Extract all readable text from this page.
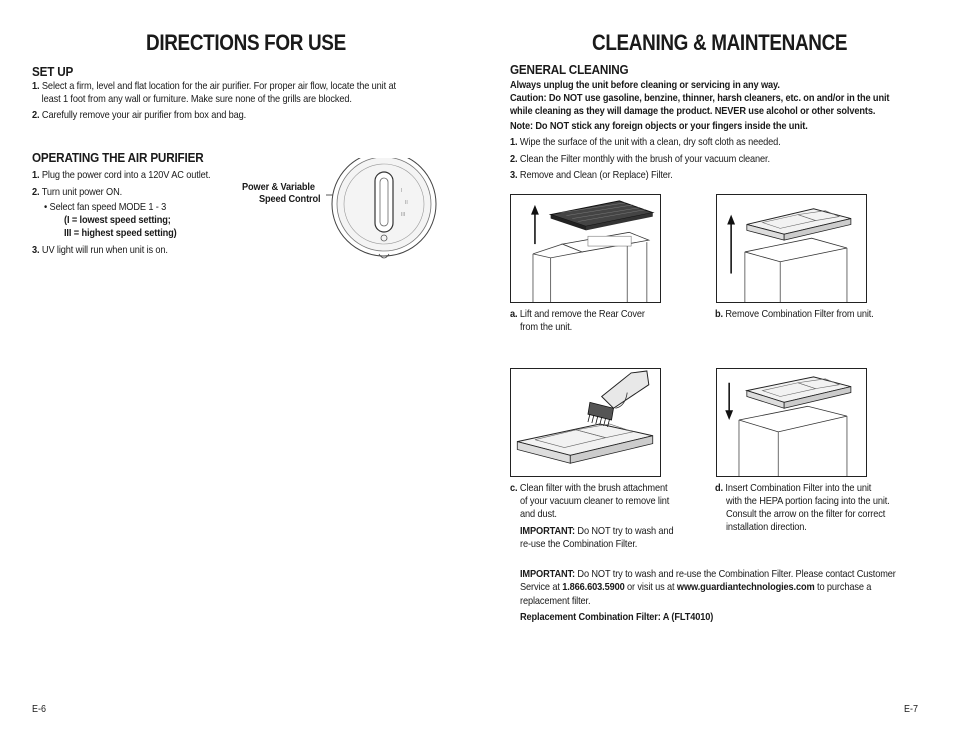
DIRECTIONS FOR USE
SET UP
1. Select a firm, level and flat location for the air purifier. For proper air flow, locate the unit at
least 1 foot from any wall or furniture. Make sure none of the grills are blocked.
2. Carefully remove your air purifier from box and bag.
OPERATING THE AIR PURIFIER
1. Plug the power cord into a 120V AC outlet.
2. Turn unit power ON.
• Select fan speed MODE 1 - 3
(I = lowest speed setting;
III = highest speed setting)
3. UV light will run when unit is on.
Power & Variable
Speed Control
I
II
III
E-6
CLEANING & MAINTENANCE
GENERAL CLEANING
Always unplug the unit before cleaning or servicing in any way.
Caution: Do NOT use gasoline, benzine, thinner, harsh cleaners, etc. on and/or in the unit
while cleaning as they will damage the product. NEVER use alcohol or other solvents.
Note: Do NOT stick any foreign objects or your fingers inside the unit.
1. Wipe the surface of the unit with a clean, dry soft cloth as needed.
2. Clean the Filter monthly with the brush of your vacuum cleaner.
3. Remove and Clean (or Replace) Filter.
a. Lift and remove the Rear Cover
from the unit.
b. Remove Combination Filter from unit.
c. Clean filter with the brush attachment
of your vacuum cleaner to remove lint
and dust.
IMPORTANT: Do NOT try to wash and
re-use the Combination Filter.
d. Insert Combination Filter into the unit
with the HEPA portion facing into the unit.
Consult the arrow on the filter for correct
installation direction.
IMPORTANT: Do NOT try to wash and re-use the Combination Filter. Please contact Customer
Service at 1.866.603.5900 or visit us at www.guardiantechnologies.com to purchase a
replacement filter.
Replacement Combination Filter: A (FLT4010)
E-7
